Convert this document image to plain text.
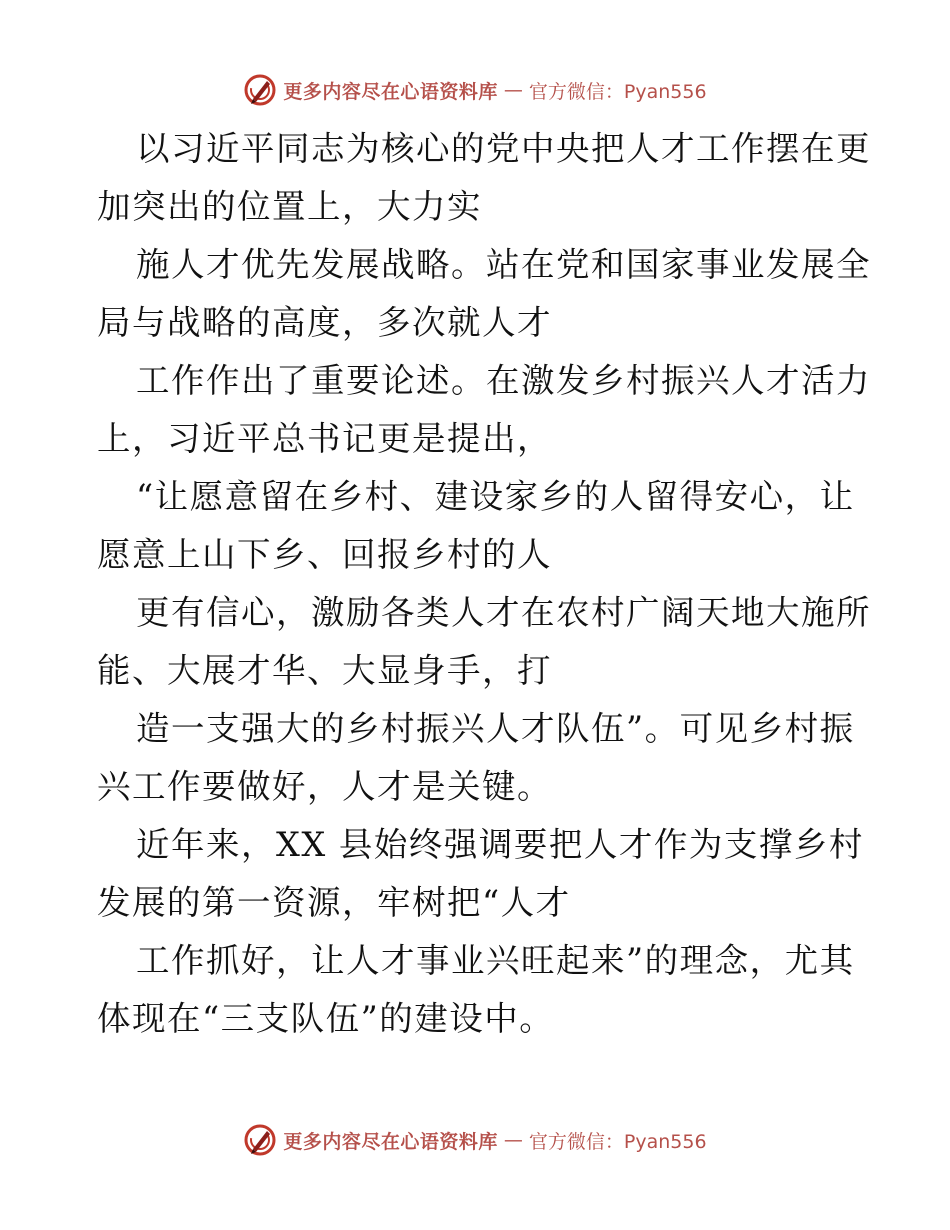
更多内容尽在心语资料库 — 官方微信：Pyan556
以习近平同志为核心的党中央把人才工作摆在更
加突出的位置上，大力实
施人才优先发展战略。站在党和国家事业发展全
局与战略的高度，多次就人才
工作作出了重要论述。在激发乡村振兴人才活力
上，习近平总书记更是提出，
“让愿意留在乡村、建设家乡的人留得安心，让
愿意上山下乡、回报乡村的人
更有信心，激励各类人才在农村广阔天地大施所
能、大展才华、大显身手，打
造一支强大的乡村振兴人才队伍”。可见乡村振
兴工作要做好，人才是关键。
近年来，XX 县始终强调要把人才作为支撑乡村
发展的第一资源，牢树把“人才
工作抓好，让人才事业兴旺起来”的理念，尤其
体现在“三支队伍”的建设中。
更多内容尽在心语资料库 — 官方微信：Pyan556
